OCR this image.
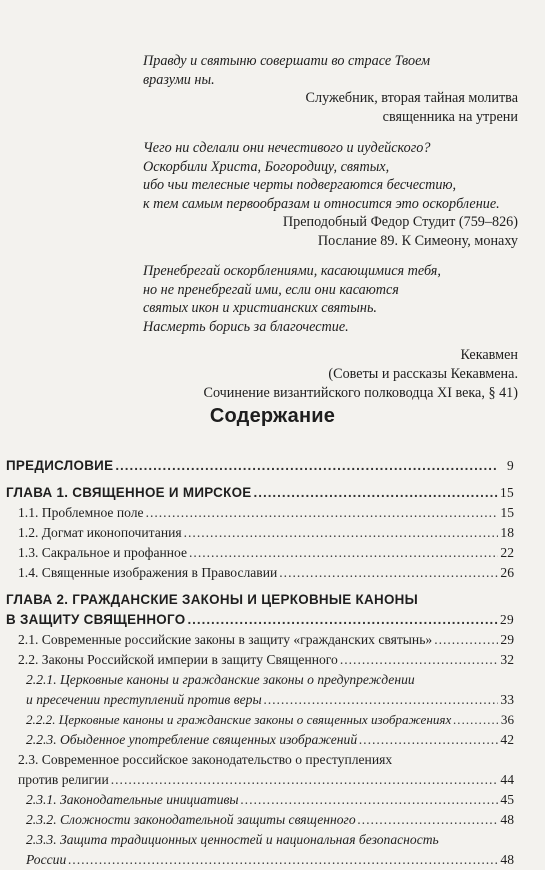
Правду и святыню совершати во страсе Твоем
вразуми ны.
Служебник, вторая тайная молитва
священника на утрени
Чего ни сделали они нечестивого и иудейского?
Оскорбили Христа, Богородицу, святых,
ибо чьи телесные черты подвергаются бесчестию,
к тем самым первообразам и относится это оскорбление.
Преподобный Федор Студит (759–826)
Послание 89. К Симеону, монаху
Пренебрегай оскорблениями, касающимися тебя,
но не пренебрегай ими, если они касаются
святых икон и христианских святынь.
Насмерть борись за благочестие.
Кекавмен
(Советы и рассказы Кекавмена.
Сочинение византийского полководца XI века, § 41)
Содержание
ПРЕДИСЛОВИЕ .....	9
ГЛАВА 1. СВЯЩЕННОЕ И МИРСКОЕ .....	15
1.1. Проблемное поле .....	15
1.2. Догмат иконопочитания .....	18
1.3. Сакральное и профанное .....	22
1.4. Священные изображения в Православии .....	26
ГЛАВА 2. ГРАЖДАНСКИЕ ЗАКОНЫ И ЦЕРКОВНЫЕ КАНОНЫ
В ЗАЩИТУ СВЯЩЕННОГО .....	29
2.1. Современные российские законы в защиту «гражданских святынь» .....	29
2.2. Законы Российской империи в защиту Священного .....	32
2.2.1. Церковные каноны и гражданские законы о предупреждении
и пресечении преступлений против веры .....	33
2.2.2. Церковные каноны и гражданские законы о священных изображениях .....	36
2.2.3. Обыденное употребление священных изображений .....	42
2.3. Современное российское законодательство о преступлениях
против религии .....	44
2.3.1. Законодательные инициативы .....	45
2.3.2. Сложности законодательной защиты священного .....	48
2.3.3. Защита традиционных ценностей и национальная безопасность
России .....	48
